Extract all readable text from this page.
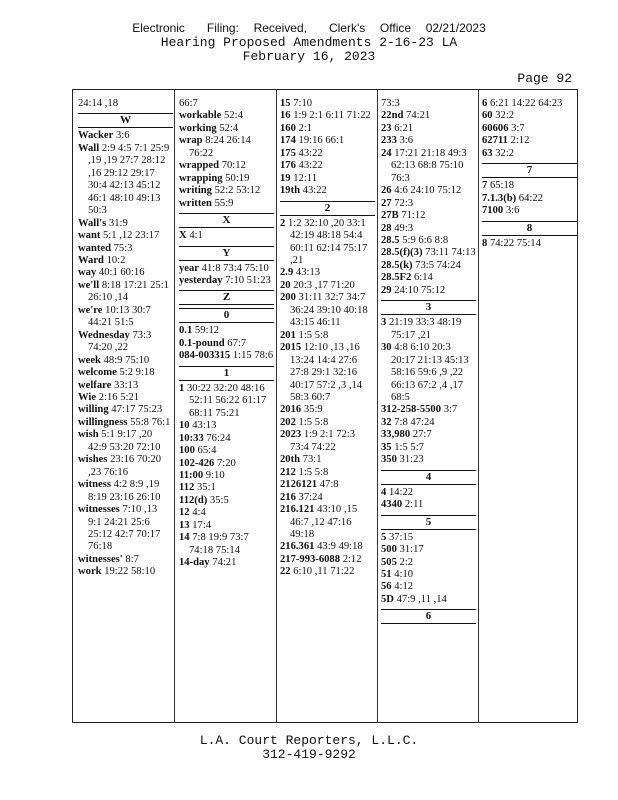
Electronic   Filing:  Received,   Clerk's  Office  02/21/2023
Hearing Proposed Amendments 2-16-23 LA
February 16, 2023
Page 92
24:14 ,18
W
Wacker 3:6
Wall 2:9 4:5 7:1 25:9 ,19 ,19 27:7 28:12 ,16 29:12 29:17 30:4 42:13 45:12 46:1 48:10 49:13 50:3
Wall's 31:9
want 5:1 ,12 23:17
wanted 75:3
Ward 10:2
way 40:1 60:16
we'll 8:18 17:21 25:1 26:10 ,14
we're 10:13 30:7 44:21 51:5
Wednesday 73:3 74:20 ,22
week 48:9 75:10
welcome 5:2 9:18
welfare 33:13
Wie 2:16 5:21
willing 47:17 75:23
willingness 55:8 76:1
wish 5:1 9:17 ,20 42:9 53:20 72:10
wishes 23:16 70:20 ,23 76:16
witness 4:2 8:9 ,19 8:19 23:16 26:10
witnesses 7:10 ,13 9:1 24:21 25:6 25:12 42:7 70:17 76:18
witnesses' 8:7
work 19:22 58:10
66:7
workable 52:4
working 52:4
wrap 8:24 26:14 76:22
wrapped 70:12
wrapping 50:19
writing 52:2 53:12
written 55:9
X
X 4:1
Y
year 41:8 73:4 75:10
yesterday 7:10 51:23
Z
0
0.1 59:12
0.1-pound 67:7
084-003315 1:15 78:6
1
1 30:22 32:20 48:16 52:11 56:22 61:17 68:11 75:21
10 43:13
10:33 76:24
100 65:4
102-426 7:20
11:00 9:10
112 35:1
112(d) 35:5
12 4:4
13 17:4
14 7:8 19:9 73:7 74:18 75:14
14-day 74:21
15 7:10
16 1:9 2:1 6:11 71:22
160 2:1
174 19:16 66:1
175 43:22
176 43:22
19 12:11
19th 43:22
2
2 1:2 32:10 ,20 33:1 42:19 48:18 54:4 60:11 62:14 75:17 ,21
2.9 43:13
20 20:3 ,17 71:20
200 31:11 32:7 34:7 36:24 39:10 40:18 43:15 46:11
201 1:5 5:8
2015 12:10 ,13 ,16 13:24 14:4 27:6 27:8 29:1 32:16 40:17 57:2 ,3 ,14 58:3 60:7
2016 35:9
202 1:5 5:8
2023 1:9 2:1 72:3 73:4 74:22
20th 73:1
212 1:5 5:8
2126121 47:8
216 37:24
216.121 43:10 ,15 46:7 ,12 47:16 49:18
216.361 43:9 49:18
217-993-6088 2:12
22 6:10 ,11 71:22
73:3
22nd 74:21
23 6:21
233 3:6
24 17:21 21:18 49:3 62:13 68:8 75:10 76:3
26 4:6 24:10 75:12
27 72:3
27B 71:12
28 49:3
28.5 5:9 6:6 8:8
28.5(f)(3) 73:11 74:13
28.5(k) 73:5 74:24
28.5F2 6:14
29 24:10 75:12
3
3 21:19 33:3 48:19 75:17 ,21
30 4:8 6:10 20:3 20:17 21:13 45:13 58:16 59:6 ,9 ,22 66:13 67:2 ,4 ,17 68:5
312-258-5500 3:7
32 7:8 47:24
33,980 27:7
35 1:5 5:7
350 31:23
4
4 14:22
4340 2:11
5
5 37:15
500 31:17
505 2:2
51 4:10
56 4:12
5D 47:9 ,11 ,14
6
6 6:21 14:22 64:23
60 32:2
60606 3:7
62711 2:12
63 32:2
7
7 65:18
7.1.3(b) 64:22
7100 3:6
8
8 74:22 75:14
L.A. Court Reporters, L.L.C.
312-419-9292
